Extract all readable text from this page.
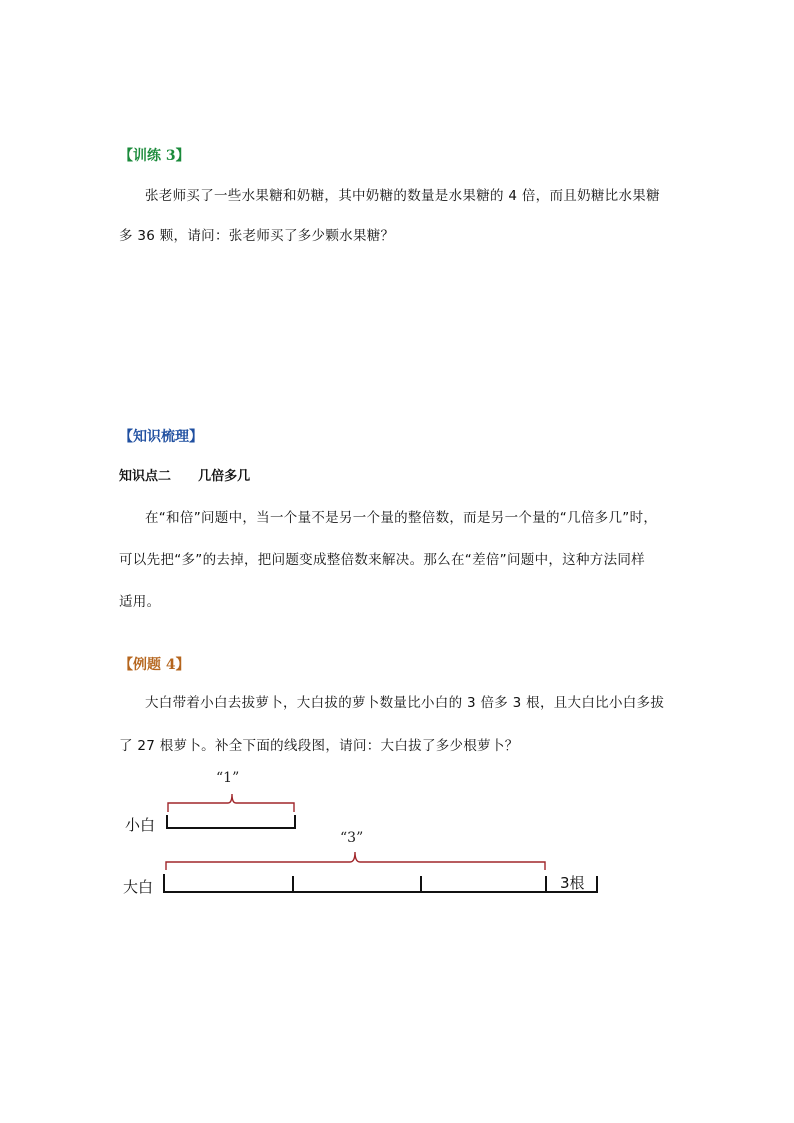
【训练 3】
张老师买了一些水果糖和奶糖，其中奶糖的数量是水果糖的 4 倍，而且奶糖比水果糖
多 36 颗，请问：张老师买了多少颗水果糖？
【知识梳理】
知识点二      几倍多几
在“和倍”问题中，当一个量不是另一个量的整倍数，而是另一个量的“几倍多几”时，
可以先把“多”的去掉，把问题变成整倍数来解决。那么在“差倍”问题中，这种方法同样
适用。
【例题 4】
大白带着小白去拔萝卜，大白拔的萝卜数量比小白的 3 倍多 3 根，且大白比小白多拔
了 27 根萝卜。补全下面的线段图，请问：大白拔了多少根萝卜？
“1”
“3”
小白
大白	3根
